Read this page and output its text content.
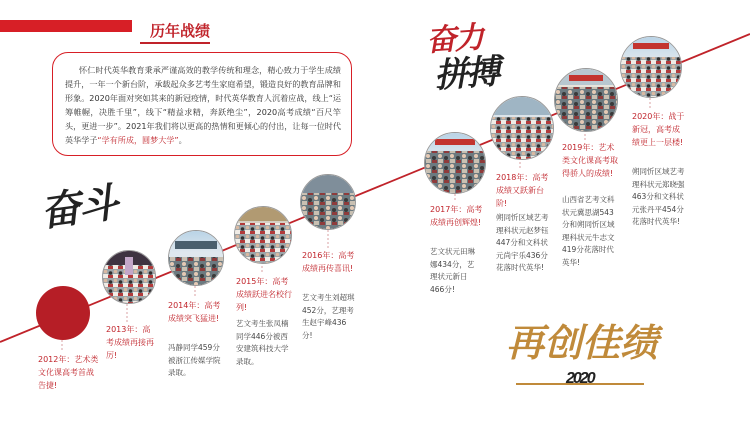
历年战绩
怀仁时代英华教育秉承严谨高效的教学传统和理念，精心致力于学生成绩提升，一年一个新台阶，承载起众多艺考生家庭希望，锻造良好的教育品牌和形象。2020年面对突如其来的新冠疫情，时代英华教育人沉着应战，线上“运筹帷幄，决胜千里”，线下“精益求精，奔跃绝尘”，2020高考成绩“百尺竿头，更进一步”。2021年我们将以更高的热情和更倾心的付出，让每一位时代英华学子“学有所成，圆梦大学”。
2012年：艺术类文化课高考首战告捷!
2013年：高考成绩再接再厉!
2014年：高考成绩突飞猛进!
2015年：高考成绩跃进名校行列!
2016年：高考成绩再传喜讯!
2017年：高考成绩再创辉煌!
2018年：高考成绩又跃新台阶!
2019年：艺术类文化课高考取得骄人的成绩!
2020年：战于新冠，高考成绩更上一层楼!
冯静同学459分被浙江传媒学院录取。
艺文考生张凤楠同学446分被西安建筑科技大学录取。
艺文考生刘超琪452分，艺理考生赵宇峰436分!
艺文状元田琳娜434分，艺理状元新日466分!
朔同忻区域艺考理科状元赵梦钰447分和文科状元尚宇乐436分花落时代英华!
山西省艺考文科状元冀思湖543分和朔同忻区域理科状元牛志文419分花落时代英华!
朔同忻区域艺考理科状元郑晓强463分和文科状元张丹平454分花落时代英华!
奋斗
奋力
拼搏
再创佳绩
2020
